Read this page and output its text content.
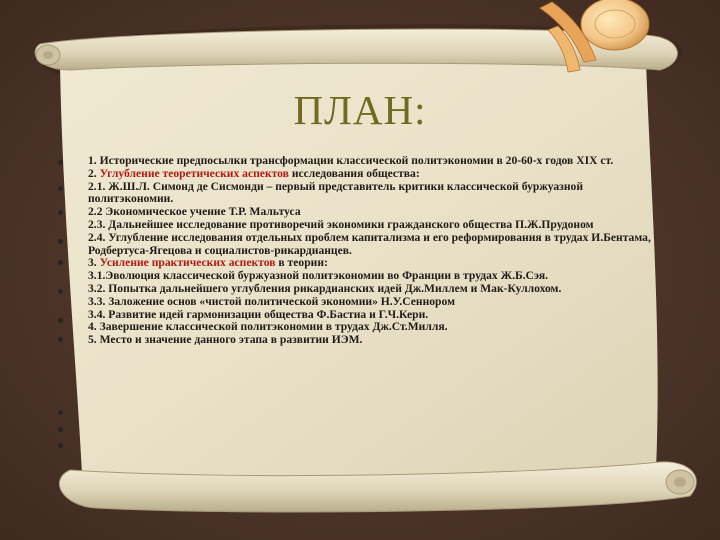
ПЛАН:
1. Исторические предпосылки трансформации классической политэкономии в 20-60-х годов XIX ст.
2. Углубление теоретических аспектов исследования общества:
2.1. Ж.Ш.Л. Симонд де Сисмонди – первый представитель критики классической буржуазной политэкономии.
2.2 Экономическое учение Т.Р. Мальтуса
2.3. Дальнейшее исследование противоречий экономики гражданского общества П.Ж.Прудоном
2.4. Углубление исследования отдельных проблем капитализма и его реформирования в трудах И.Бентама, Родбертуса-Ягецова и социалистов-рикардианцев.
3. Усиление практических аспектов в теории:
3.1.Эволюция классической буржуазной политэкономии во Франции в трудах Ж.Б.Сэя.
3.2. Попытка дальнейшего углубления рикардианских идей Дж.Миллем и Мак-Куллохом.
3.3. Заложение основ «чистой политической экономии» Н.У.Сеннором
3.4. Развитие идей гармонизации общества Ф.Бастиа и Г.Ч.Кери.
4. Завершение классической политэкономии в трудах Дж.Ст.Милля.
5. Место и значение данного этапа в развитии ИЭМ.
